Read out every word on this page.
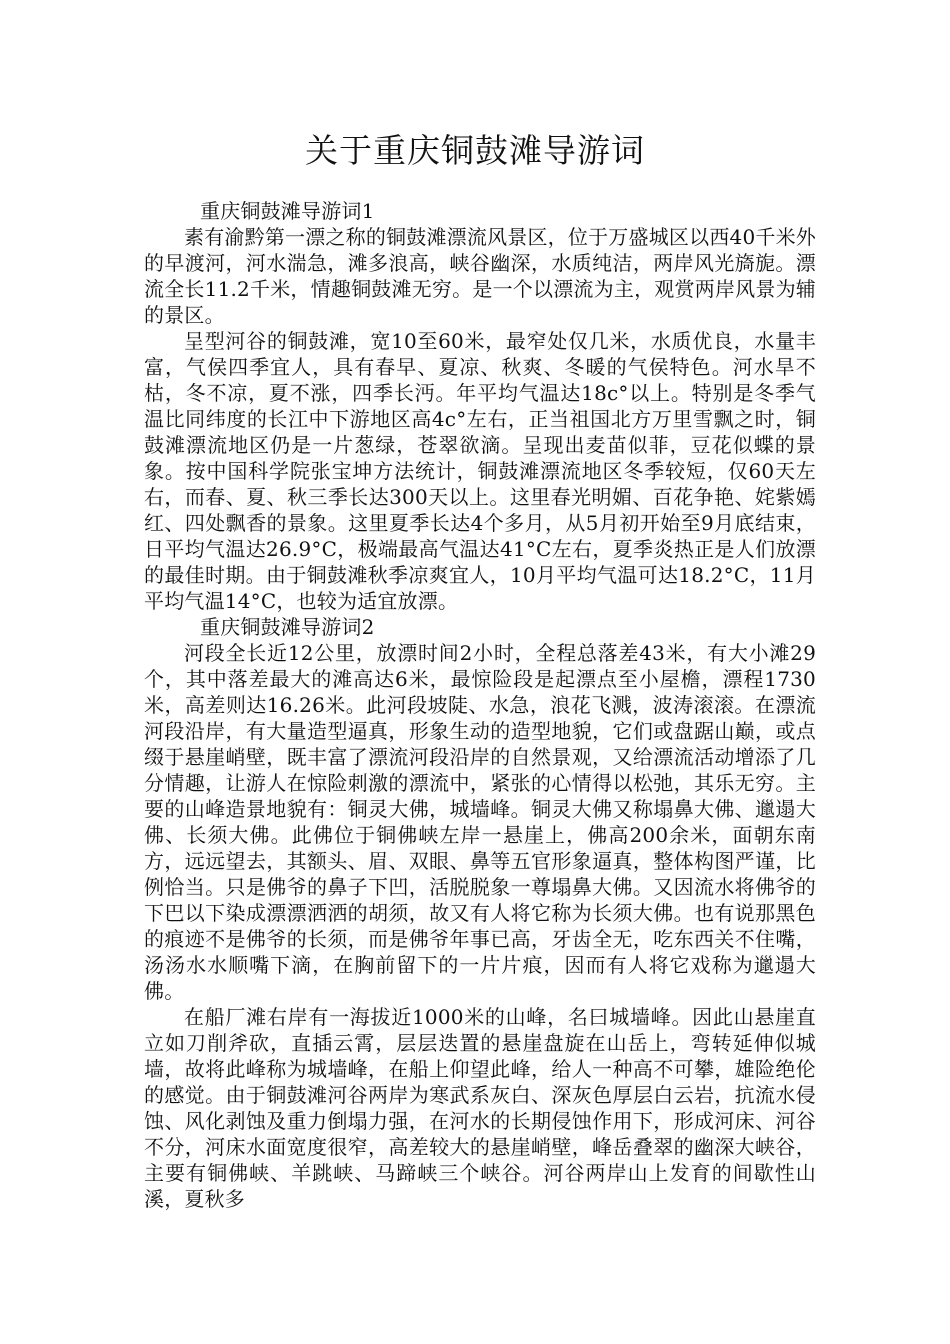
关于重庆铜鼓滩导游词

重庆铜鼓滩导游词1

素有渝黔第一漂之称的铜鼓滩漂流风景区，位于万盛城区以西40千米外的早渡河，河水湍急，滩多浪高，峡谷幽深，水质纯洁，两岸风光旖旎。漂流全长11.2千米，情趣铜鼓滩无穷。是一个以漂流为主，观赏两岸风景为辅的景区。

呈型河谷的铜鼓滩，宽10至60米，最窄处仅几米，水质优良，水量丰富，气侯四季宜人，具有春早、夏凉、秋爽、冬暖的气侯特色。河水旱不枯，冬不凉，夏不涨，四季长沔。年平均气温达18c°以上。特别是冬季气温比同纬度的长江中下游地区高4c°左右，正当祖国北方万里雪飘之时，铜鼓滩漂流地区仍是一片葱绿，苍翠欲滴。呈现出麦苗似菲，豆花似蝶的景象。按中国科学院张宝坤方法统计，铜鼓滩漂流地区冬季较短，仅60天左右，而春、夏、秋三季长达300天以上。这里春光明媚、百花争艳、姹紫嫣红、四处飘香的景象。这里夏季长达4个多月，从5月初开始至9月底结束，日平均气温达26.9°C，极端最高气温达41°C左右，夏季炎热正是人们放漂的最佳时期。由于铜鼓滩秋季凉爽宜人，10月平均气温可达18.2°C，11月平均气温14°C，也较为适宜放漂。

重庆铜鼓滩导游词2

河段全长近12公里，放漂时间2小时，全程总落差43米，有大小滩29个，其中落差最大的滩高达6米，最惊险段是起漂点至小屋檐，漂程1730米，高差则达16.26米。此河段坡陡、水急，浪花飞溅，波涛滚滚。在漂流河段沿岸，有大量造型逼真，形象生动的造型地貌，它们或盘踞山巅，或点缀于悬崖峭壁，既丰富了漂流河段沿岸的自然景观，又给漂流活动增添了几分情趣，让游人在惊险刺激的漂流中，紧张的心情得以松弛，其乐无穷。主要的山峰造景地貌有：铜灵大佛，城墙峰。铜灵大佛又称塌鼻大佛、邋遢大佛、长须大佛。此佛位于铜佛峡左岸一悬崖上，佛高200余米，面朝东南方，远远望去，其额头、眉、双眼、鼻等五官形象逼真，整体构图严谨，比例恰当。只是佛爷的鼻子下凹，活脱脱象一尊塌鼻大佛。又因流水将佛爷的下巴以下染成漂漂洒洒的胡须，故又有人将它称为长须大佛。也有说那黑色的痕迹不是佛爷的长须，而是佛爷年事已高，牙齿全无，吃东西关不住嘴，汤汤水水顺嘴下滴，在胸前留下的一片片痕，因而有人将它戏称为邋遢大佛。

在船厂滩右岸有一海拔近1000米的山峰，名曰城墙峰。因此山悬崖直立如刀削斧砍，直插云霄，层层迭置的悬崖盘旋在山岳上，弯转延伸似城墙，故将此峰称为城墙峰，在船上仰望此峰，给人一种高不可攀，雄险绝伦的感觉。由于铜鼓滩河谷两岸为寒武系灰白、深灰色厚层白云岩，抗流水侵蚀、风化剥蚀及重力倒塌力强，在河水的长期侵蚀作用下，形成河床、河谷不分，河床水面宽度很窄，高差较大的悬崖峭壁，峰岳叠翠的幽深大峡谷，主要有铜佛峡、羊跳峡、马蹄峡三个峡谷。河谷两岸山上发育的间歇性山溪，夏秋多
